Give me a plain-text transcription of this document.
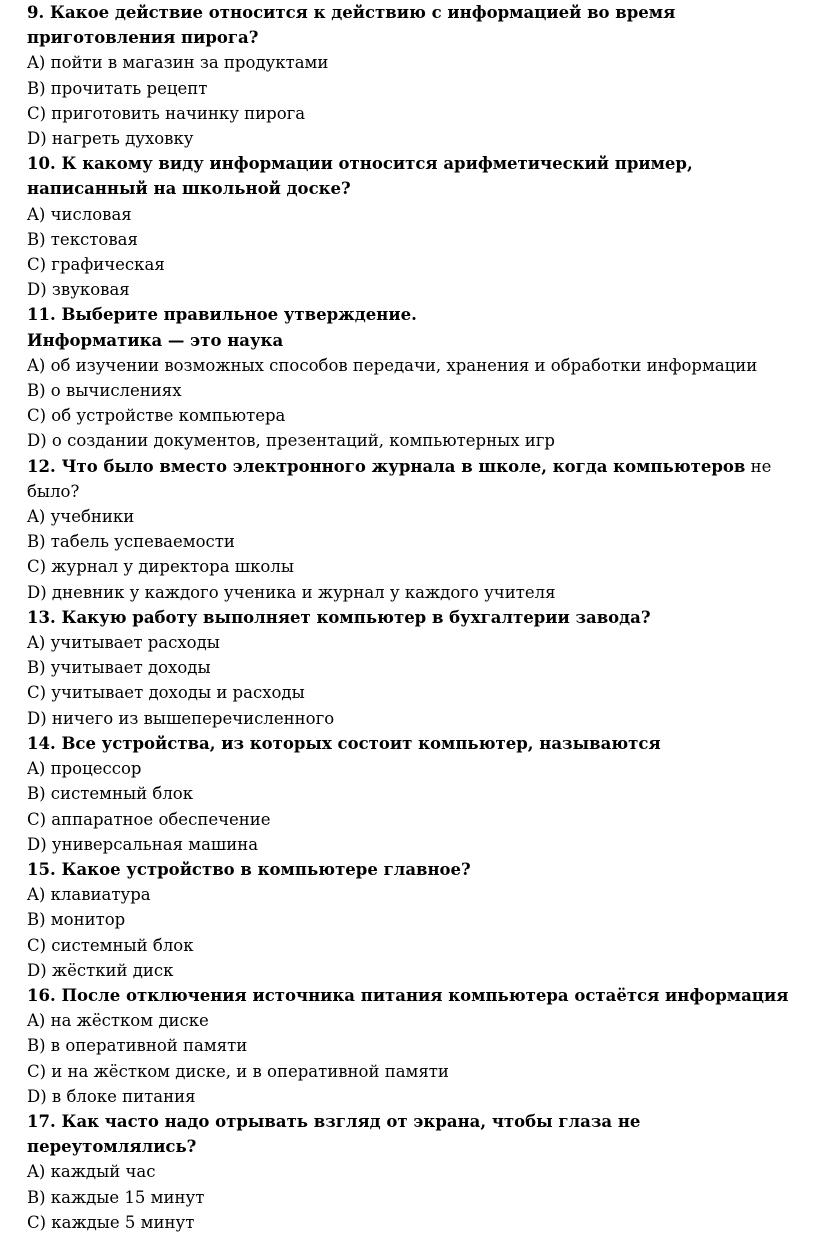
9. Какое действие относится к действию с информацией во время приготовления пирога?
A) пойти в магазин за продуктами
B) прочитать рецепт
C) приготовить начинку пирога
D) нагреть духовку
10. К какому виду информации относится арифметический пример, написанный на школьной доске?
A) числовая
B) текстовая
C) графическая
D) звуковая
11. Выберите правильное утверждение.
Информатика — это наука
A) об изучении возможных способов передачи, хранения и обработки информации
B) о вычислениях
C) об устройстве компьютера
D) о создании документов, презентаций, компьютерных игр
12. Что было вместо электронного журнала в школе, когда компьютеров не было?
A) учебники
B) табель успеваемости
C) журнал у директора школы
D) дневник у каждого ученика и журнал у каждого учителя
13. Какую работу выполняет компьютер в бухгалтерии завода?
A) учитывает расходы
B) учитывает доходы
C) учитывает доходы и расходы
D) ничего из вышеперечисленного
14. Все устройства, из которых состоит компьютер, называются
A) процессор
B) системный блок
C) аппаратное обеспечение
D) универсальная машина
15. Какое устройство в компьютере главное?
A) клавиатура
B) монитор
C) системный блок
D) жёсткий диск
16. После отключения источника питания компьютера остаётся информация
A) на жёстком диске
B) в оперативной памяти
C) и на жёстком диске, и в оперативной памяти
D) в блоке питания
17. Как часто надо отрывать взгляд от экрана, чтобы глаза не переутомлялись?
A) каждый час
B) каждые 15 минут
C) каждые 5 минут
